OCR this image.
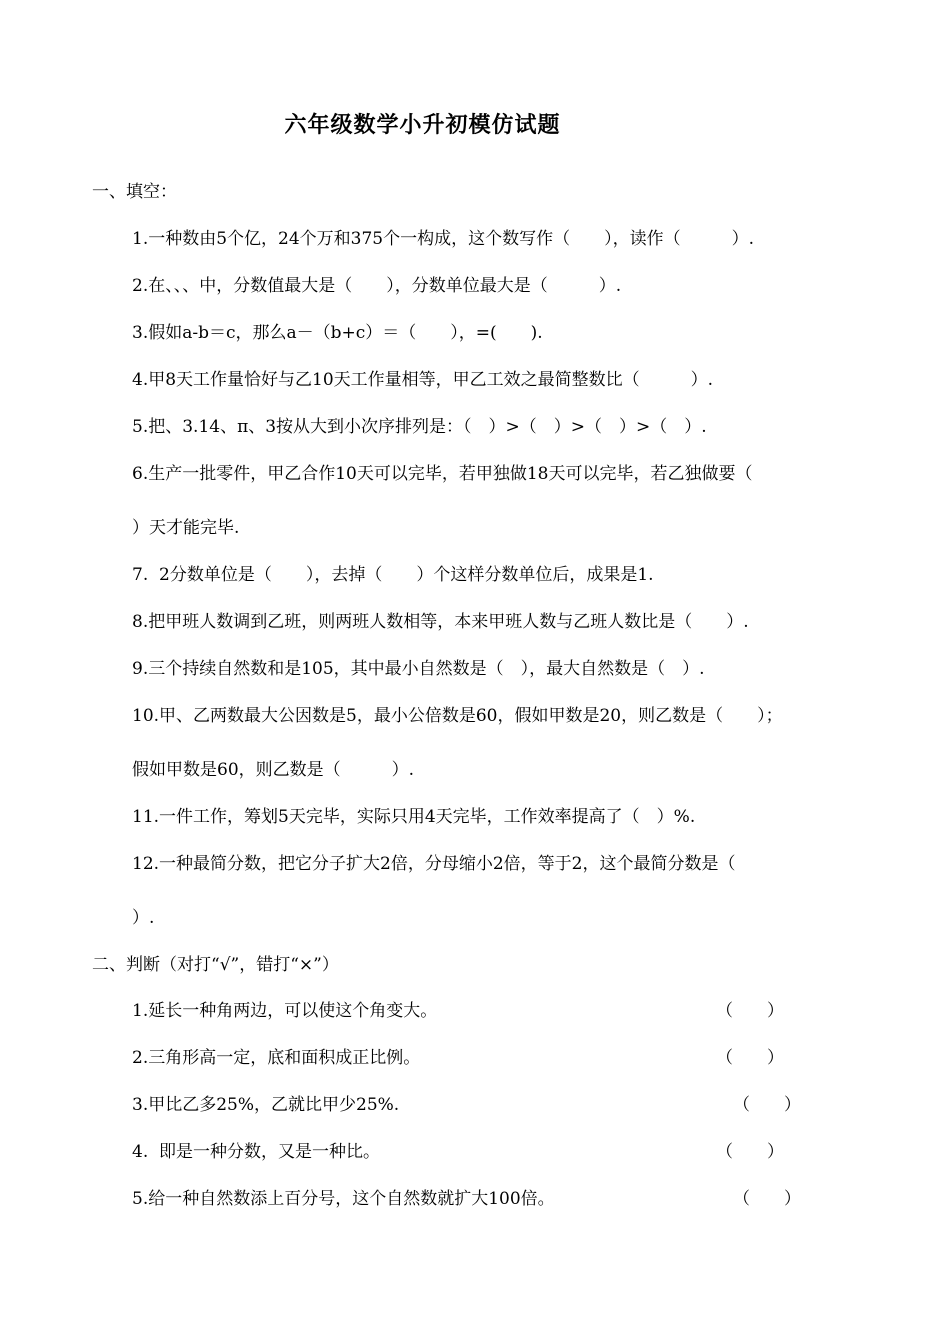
六年级数学小升初模仿试题
一、填空：
1.一种数由5个亿，24个万和375个一构成，这个数写作（　　），读作（　　　）.
2.在、、、中，分数值最大是（　　），分数单位最大是（　　　）.
3.假如a-b＝c，那么a－（b+c）＝（　　），=(　　).
4.甲8天工作量恰好与乙10天工作量相等，甲乙工效之最简整数比（　　　）.
5.把、3.14、π、3按从大到小次序排列是：（　）>（　）>（　）>（　）.
6.生产一批零件，甲乙合作10天可以完毕，若甲独做18天可以完毕，若乙独做要（
）天才能完毕.
7.  2分数单位是（　　），去掉（　　）个这样分数单位后，成果是1.
8.把甲班人数调到乙班，则两班人数相等，本来甲班人数与乙班人数比是（　　）.
9.三个持续自然数和是105，其中最小自然数是（　），最大自然数是（　）.
10.甲、乙两数最大公因数是5，最小公倍数是60，假如甲数是20，则乙数是（　　）；
假如甲数是60，则乙数是（　　　）.
11.一件工作，筹划5天完毕，实际只用4天完毕，工作效率提高了（　）%.
12.一种最简分数，把它分子扩大2倍，分母缩小2倍，等于2，这个最简分数是（
）.
二、判断（对打“√”，错打“×”）
1.延长一种角两边，可以使这个角变大。	（　　）
2.三角形高一定，底和面积成正比例。	（　　）
3.甲比乙多25%，乙就比甲少25%.	（　　）
4.  即是一种分数，又是一种比。	（　　）
5.给一种自然数添上百分号，这个自然数就扩大100倍。	（　　）
